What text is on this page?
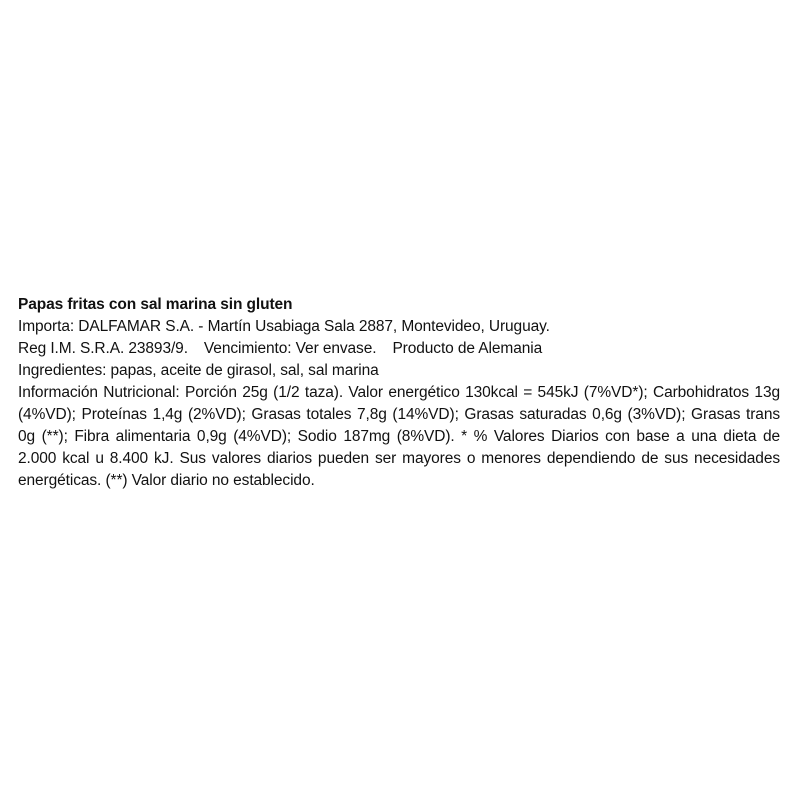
Papas fritas con sal marina sin gluten
Importa: DALFAMAR S.A. - Martín Usabiaga Sala 2887, Montevideo, Uruguay.
Reg I.M. S.R.A. 23893/9. Vencimiento: Ver envase. Producto de Alemania
Ingredientes: papas, aceite de girasol, sal, sal marina
Información Nutricional: Porción 25g (1/2 taza). Valor energético 130kcal = 545kJ (7%VD*); Carbohidratos 13g (4%VD); Proteínas 1,4g (2%VD); Grasas totales 7,8g (14%VD); Grasas saturadas 0,6g (3%VD); Grasas trans 0g (**); Fibra alimentaria 0,9g (4%VD); Sodio 187mg (8%VD). * % Valores Diarios con base a una dieta de 2.000 kcal u 8.400 kJ. Sus valores diarios pueden ser mayores o menores dependiendo de sus necesidades energéticas. (**) Valor diario no establecido.
